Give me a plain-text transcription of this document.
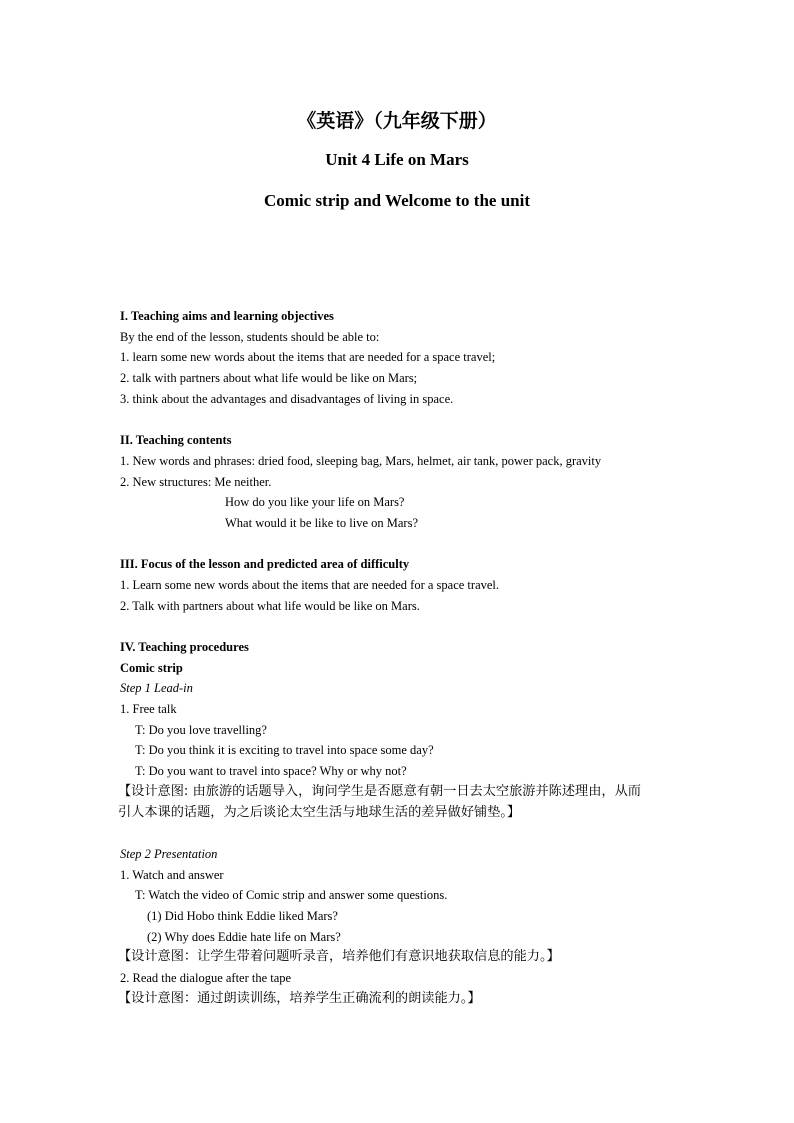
《英语》（九年级下册）
Unit 4 Life on Mars
Comic strip and Welcome to the unit
I. Teaching aims and learning objectives
By the end of the lesson, students should be able to:
1. learn some new words about the items that are needed for a space travel;
2. talk with partners about what life would be like on Mars;
3. think about the advantages and disadvantages of living in space.
II. Teaching contents
1. New words and phrases: dried food, sleeping bag, Mars, helmet, air tank, power pack, gravity
2. New structures: Me neither.
How do you like your life on Mars?
What would it be like to live on Mars?
III. Focus of the lesson and predicted area of difficulty
1. Learn some new words about the items that are needed for a space travel.
2. Talk with partners about what life would be like on Mars.
IV. Teaching procedures
Comic strip
Step 1 Lead-in
1. Free talk
T: Do you love travelling?
T: Do you think it is exciting to travel into space some day?
T: Do you want to travel into space? Why or why not?
【设计意图: 由旅游的话题导入，询问学生是否愿意有朝一日去太空旅游并陈述理由，从而
引人本课的话题，为之后谈论太空生活与地球生活的差异做好铺垫。】
Step 2 Presentation
1. Watch and answer
T: Watch the video of Comic strip and answer some questions.
(1) Did Hobo think Eddie liked Mars?
(2) Why does Eddie hate life on Mars?
【设计意图：让学生带着问题听录音，培养他们有意识地获取信息的能力。】
2. Read the dialogue after the tape
【设计意图：通过朗读训练，培养学生正确流利的朗读能力。】
